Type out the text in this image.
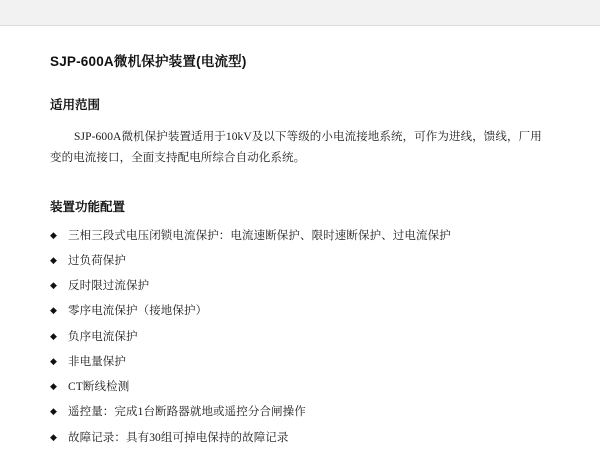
SJP-600A微机保护装置(电流型)
适用范围

SJP-600A微机保护装置适用于10kV及以下等级的小电流接地系统，可作为进线，馈线，厂用变的电流接口，全面支持配电所综合自动化系统。

装置功能配置
◆ 三相三段式电压闭锁电流保护：电流速断保护、限时速断保护、过电流保护
◆ 过负荷保护
◆ 反时限过流保护
◆ 零序电流保护（接地保护）
◆ 负序电流保护
◆ 非电量保护
◆ CT断线检测
◆ 遥控量：完成1台断路器就地或遥控分合闸操作
◆ 故障记录：具有30组可掉电保持的故障记录
